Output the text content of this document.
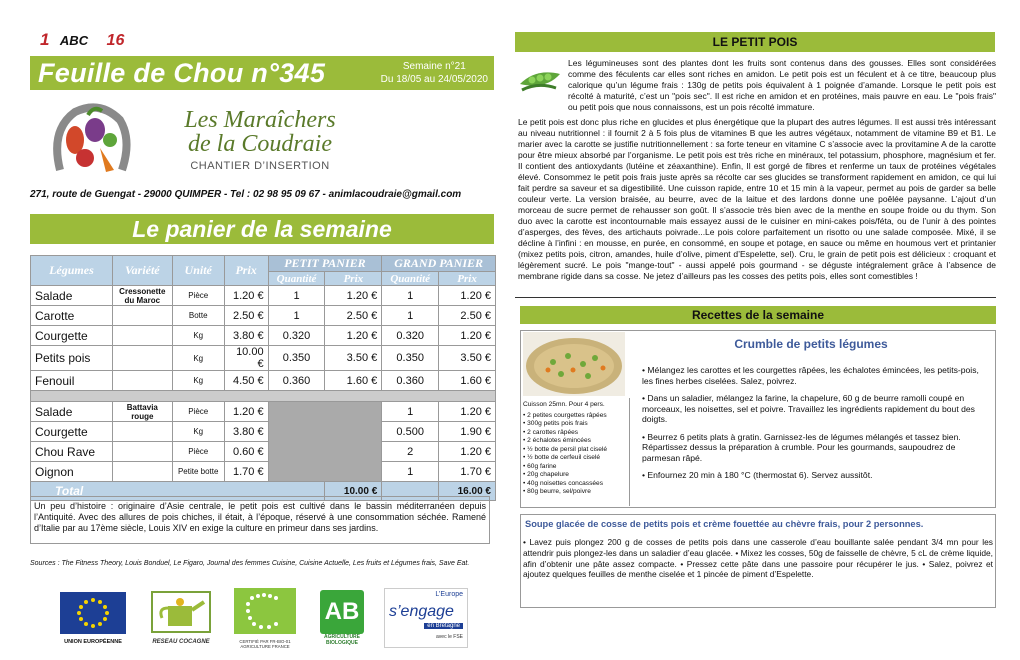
1 ABC 16
Feuille de Chou n°345	Semaine n°21
Du 18/05 au 24/05/2020
Les Maraîchers
de la Coudraie
CHANTIER D’INSERTION
271, route de Guengat - 29000 QUIMPER - Tel : 02 98 95 09 67 - animlacoudraie@gmail.com
Le panier de la semaine
Légumes	Variété	Unité	Prix	PETIT PANIER		GRAND PANIER	
				Quantité	Prix	Quantité	Prix
Salade	Cressonette du Maroc	Pièce	1.20 €	1	1.20 €	1	1.20 €
Carotte		Botte	2.50 €	1	2.50 €	1	2.50 €
Courgette		Kg	3.80 €	0.320	1.20 €	0.320	1.20 €
Petits pois		Kg	10.00 €	0.350	3.50 €	0.350	3.50 €
Fenouil		Kg	4.50 €	0.360	1.60 €	0.360	1.60 €

Salade	Battavia rouge	Pièce	1.20 €			1	1.20 €
Courgette		Kg	3.80 €			0.500	1.90 €
Chou Rave		Pièce	0.60 €			2	1.20 €
Oignon		Petite botte	1.70 €			1	1.70 €
Total					10.00 €		16.00 €
Un peu d’histoire : originaire d’Asie centrale, le petit pois est cultivé dans le bassin méditerranéen depuis l’Antiquité. Avec des allures de pois chiches, il était, à l’époque, réservé à une consommation séchée. Ramené d’Italie par au 17ème siècle, Louis XIV en exige la culture en primeur dans ses jardins.
Sources : The Fitness Theory, Louis Bonduel, Le Figaro, Journal des femmes Cuisine, Cuisine Actuelle, Les fruits et Légumes frais, Save Eat.
UNION EUROPÉENNE	RESEAU COCAGNE	CERTIFIÉ PAR FR-BIO-01 AGRICULTURE FRANCE
AB
AGRICULTURE BIOLOGIQUE
L’Europe
s’engage
en Bretagne
avec le FSE
LE PETIT POIS
Les légumineuses sont des plantes dont les fruits sont contenus dans des gousses. Elles sont considérées comme des féculents car elles sont riches en amidon. Le petit pois est un féculent et à ce titre, beaucoup plus calorique qu’un légume frais : 130g de petits pois équivalent à 1 poignée d’amande. Lorsque le petit pois est récolté à maturité, c’est un "pois sec". Il est riche en amidon et en protéines, mais pauvre en eau. Le "pois frais" ou petit pois que nous connaissons, est un pois récolté immature.
Le petit pois est donc plus riche en glucides et plus énergétique que la plupart des autres légumes. Il est aussi très intéressant au niveau nutritionnel : il fournit 2 à 5 fois plus de vitamines B que les autres végétaux, notamment de vitamine B9 et B1. Le marier avec la carotte se justifie nutritionnellement : sa forte teneur en vitamine C s’associe avec la provitamine A de la carotte pour être mieux absorbé par l’organisme. Le petit pois est très riche en minéraux, tel potassium, phosphore, magnésium et fer. Il contient des antioxydants (lutéine et zéaxanthine). Enfin, Il est gorgé de fibres et renferme un taux de protéines végétales élevé. Consommez le petit pois frais juste après sa récolte car ses glucides se transforment rapidement en amidon, ce qui lui fait perdre sa saveur et sa digestibilité. Une cuisson rapide, entre 10 et 15 min à la vapeur, permet au pois de garder sa belle couleur verte. La version braisée, au beurre, avec de la laitue et des lardons donne une poêlée paysanne. L’ajout d’un morceau de sucre permet de rehausser son goût. Il s’associe très bien avec de la menthe en soupe froide ou du thym. Son duo avec la carotte est incontournable mais essayez aussi de le cuisiner en mini-cakes pois/féta, ou de l’unir à des pointes d’asperges, des fèves, des artichauts poivrade...Le pois colore parfaitement un risotto ou une salade composée. Mixé, il se décline à l’infini : en mousse, en purée, en consommé, en soupe et potage, en sauce ou même en houmous vert et printanier (mixez petits pois, citron, amandes, huile d’olive, piment d’Espelette, sel). Cru, le grain de petit pois est délicieux : croquant et légèrement sucré. Le pois "mange-tout" - aussi appelé pois gourmand - se déguste intégralement grâce à l’absence de membrane rigide dans sa cosse. Ne jetez d’ailleurs pas les cosses des petits pois, elles sont comestibles !
Recettes de la semaine
Crumble de petits légumes
Cuisson 25mn. Pour 4 pers.
• 2 petites courgettes râpées
• 300g petits pois frais
• 2 carottes râpées
• 2 échalotes émincées
• ½ botte de persil plat ciselé
• ½ botte de cerfeuil ciselé
• 60g farine
• 20g chapelure
• 40g noisettes concassées
• 80g beurre, sel/poivre

• Mélangez les carottes et les courgettes râpées, les échalotes émincées, les petits-pois, les fines herbes ciselées. Salez, poivrez.

• Dans un saladier, mélangez la farine, la chapelure, 60 g de beurre ramolli coupé en morceaux, les noisettes, sel et poivre. Travaillez les ingrédients rapidement du bout des doigts.

• Beurrez 6 petits plats à gratin. Garnissez-les de légumes mélangés et tassez bien. Répartissez dessus la préparation à crumble. Pour les gourmands, saupoudrez de parmesan râpé.

• Enfournez 20 min à 180 °C (thermostat 6). Servez aussitôt.

Soupe glacée de cosse de petits pois et crème fouettée au chèvre frais, pour 2 personnes.
• Lavez puis plongez 200 g de cosses de petits pois dans une casserole d’eau bouillante salée pendant 3/4 mn pour les attendrir puis plongez-les dans un saladier d’eau glacée. • Mixez les cosses, 50g de faisselle de chèvre, 5 cL de crème liquide, afin d’obtenir une pâte assez compacte. • Pressez cette pâte dans une passoire pour récupérer le jus. • Salez, poivrez et ajoutez quelques feuilles de menthe ciselée et 1 pincée de piment d’Espelette.
